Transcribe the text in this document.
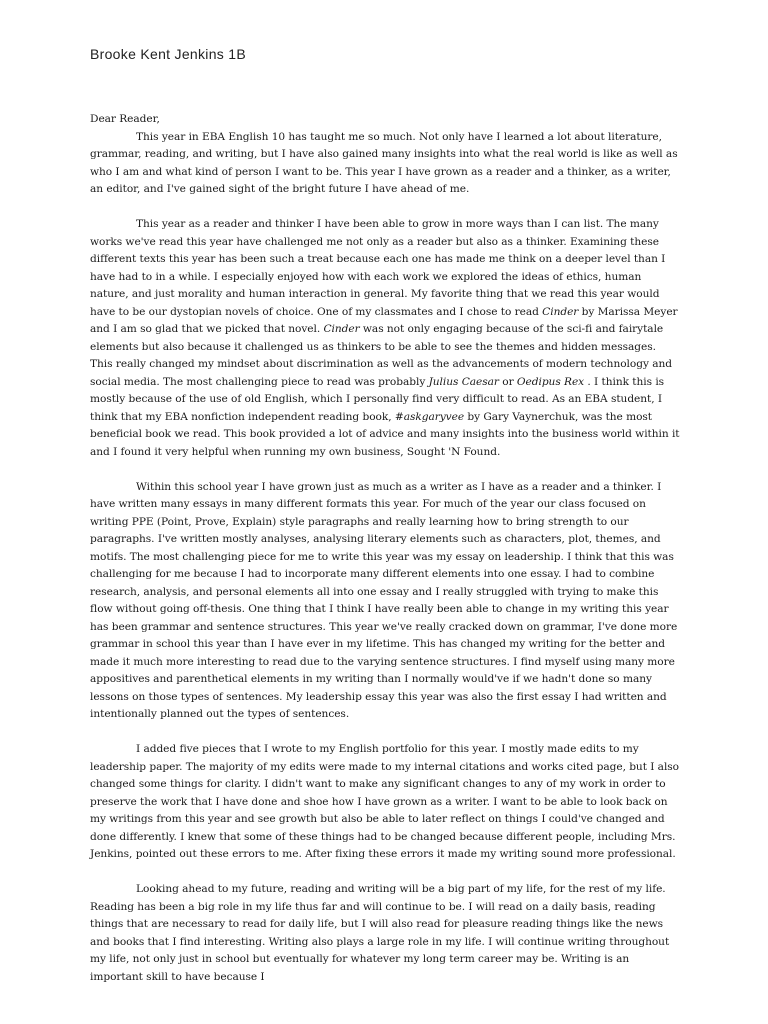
Brooke Kent Jenkins 1B

Dear Reader,

This year in EBA English 10 has taught me so much. Not only have I learned a lot about literature, grammar, reading, and writing, but I have also gained many insights into what the real world is like as well as who I am and what kind of person I want to be. This year I have grown as a reader and a thinker, as a writer, an editor, and I've gained sight of the bright future I have ahead of me.

This year as a reader and thinker I have been able to grow in more ways than I can list. The many works we've read this year have challenged me not only as a reader but also as a thinker. Examining these different texts this year has been such a treat because each one has made me think on a deeper level than I have had to in a while. I especially enjoyed how with each work we explored the ideas of ethics, human nature, and just morality and human interaction in general. My favorite thing that we read this year would have to be our dystopian novels of choice. One of my classmates and I chose to read Cinder by Marissa Meyer and I am so glad that we picked that novel. Cinder was not only engaging because of the sci-fi and fairytale elements but also because it challenged us as thinkers to be able to see the themes and hidden messages. This really changed my mindset about discrimination as well as the advancements of modern technology and social media. The most challenging piece to read was probably Julius Caesar or Oedipus Rex . I think this is mostly because of the use of old English, which I personally find very difficult to read. As an EBA student, I think that my EBA nonfiction independent reading book, #askgaryvee by Gary Vaynerchuk, was the most beneficial book we read. This book provided a lot of advice and many insights into the business world within it and I found it very helpful when running my own business, Sought 'N Found.

Within this school year I have grown just as much as a writer as I have as a reader and a thinker. I have written many essays in many different formats this year. For much of the year our class focused on writing PPE (Point, Prove, Explain) style paragraphs and really learning how to bring strength to our paragraphs. I've written mostly analyses, analysing literary elements such as characters, plot, themes, and motifs. The most challenging piece for me to write this year was my essay on leadership. I think that this was challenging for me because I had to incorporate many different elements into one essay. I had to combine research, analysis, and personal elements all into one essay and I really struggled with trying to make this flow without going off-thesis. One thing that I think I have really been able to change in my writing this year has been grammar and sentence structures. This year we've really cracked down on grammar, I've done more grammar in school this year than I have ever in my lifetime. This has changed my writing for the better and made it much more interesting to read due to the varying sentence structures. I find myself using many more appositives and parenthetical elements in my writing than I normally would've if we hadn't done so many lessons on those types of sentences. My leadership essay this year was also the first essay I had written and intentionally planned out the types of sentences.

I added five pieces that I wrote to my English portfolio for this year. I mostly made edits to my leadership paper. The majority of my edits were made to my internal citations and works cited page, but I also changed some things for clarity. I didn't want to make any significant changes to any of my work in order to preserve the work that I have done and shoe how I have grown as a writer. I want to be able to look back on my writings from this year and see growth but also be able to later reflect on things I could've changed and done differently. I knew that some of these things had to be changed because different people, including Mrs. Jenkins, pointed out these errors to me. After fixing these errors it made my writing sound more professional.

Looking ahead to my future, reading and writing will be a big part of my life, for the rest of my life. Reading has been a big role in my life thus far and will continue to be. I will read on a daily basis, reading things that are necessary to read for daily life, but I will also read for pleasure reading things like the news and books that I find interesting. Writing also plays a large role in my life. I will continue writing throughout my life, not only just in school but eventually for whatever my long term career may be. Writing is an important skill to have because I
